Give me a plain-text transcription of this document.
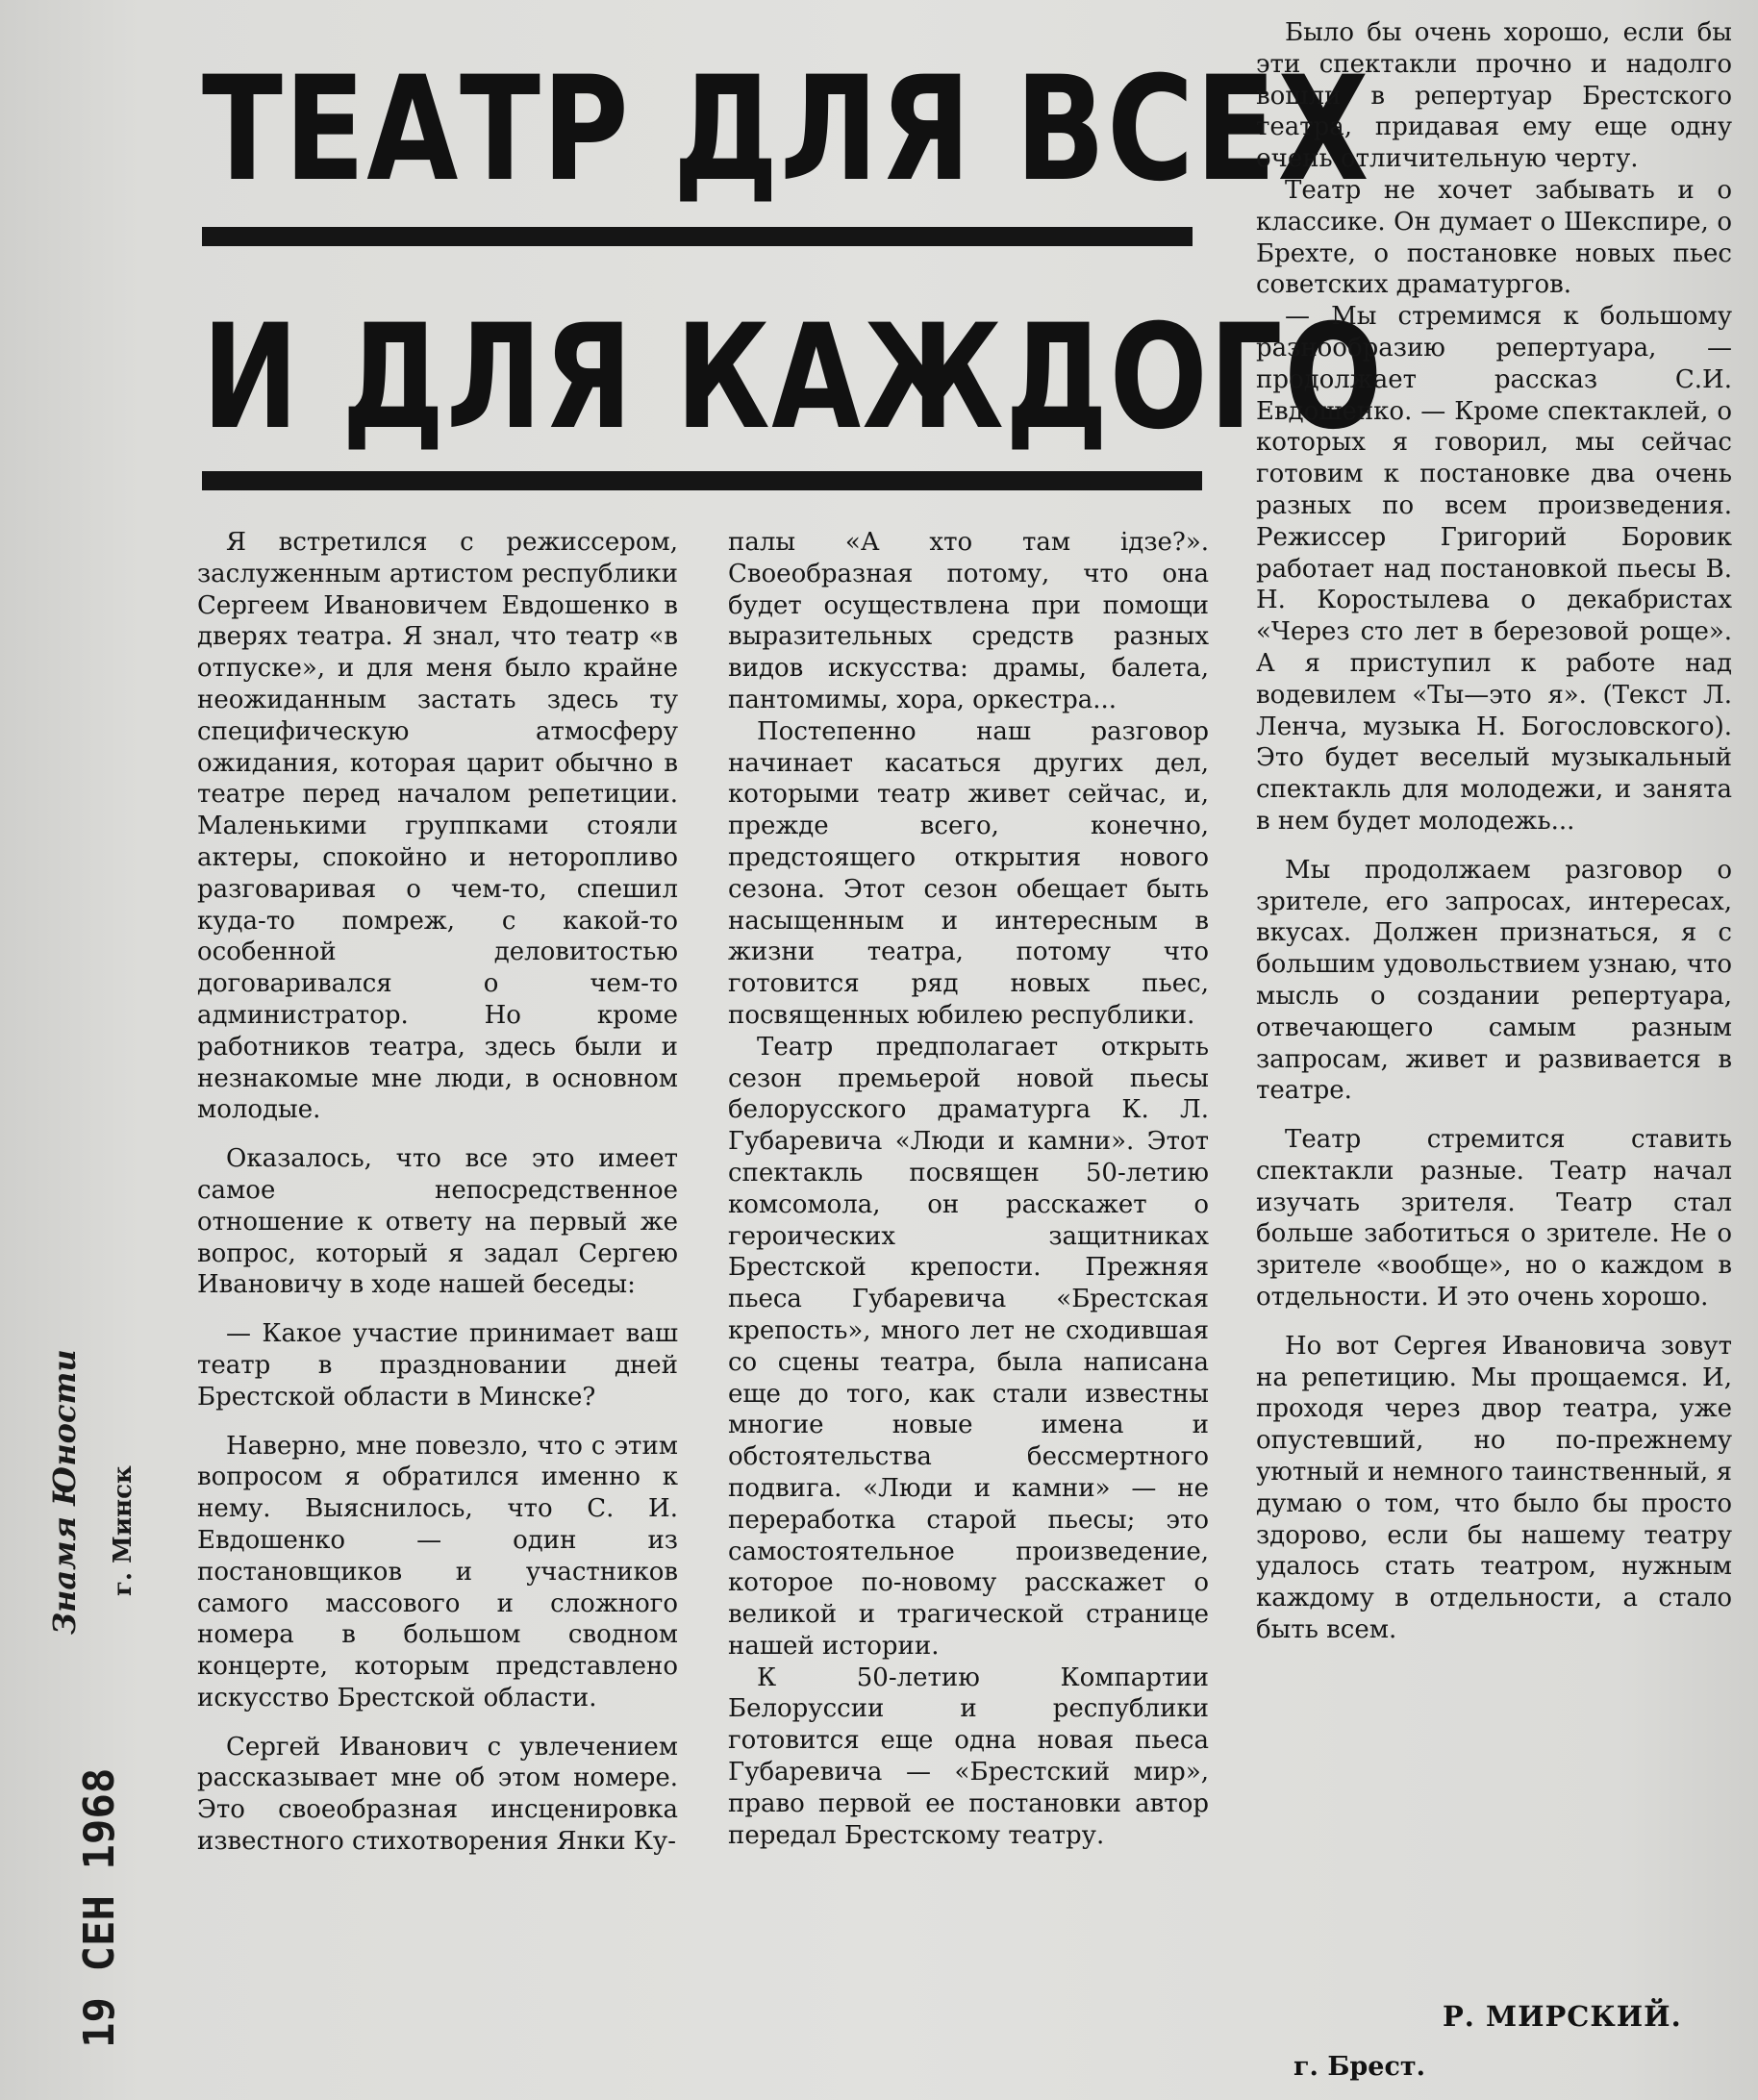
Знамя Юности г. Минск
19 СЕН 1968
ТЕАТР ДЛЯ ВСЕХ
И ДЛЯ КАЖДОГО

Я встретился с режиссером, заслуженным артистом республики Сергеем Ивановичем Евдошенко в дверях театра. Я знал, что театр «в отпуске», и для меня было крайне неожиданным застать здесь ту специфическую атмосферу ожидания, которая царит обычно в театре перед началом репетиции. Маленькими группками стояли актеры, спокойно и неторопливо разговаривая о чем-то, спешил куда-то помреж, с какой-то особенной деловитостью договаривался о чем-то администратор. Но кроме работников театра, здесь были и незнакомые мне люди, в основном молодые.

Оказалось, что все это имеет самое непосредственное отношение к ответу на первый же вопрос, который я задал Сергею Ивановичу в ходе нашей беседы:

— Какое участие принимает ваш театр в праздновании дней Брестской области в Минске?

Наверно, мне повезло, что с этим вопросом я обратился именно к нему. Выяснилось, что С. И. Евдошенко — один из постановщиков и участников самого массового и сложного номера в большом сводном концерте, которым представлено искусство Брестской области.

Сергей Иванович с увлечением рассказывает мне об этом номере. Это своеобразная инсценировка известного стихотворения Янки Ку-

палы «А хто там ідзе?». Своеобразная потому, что она будет осуществлена при помощи выразительных средств разных видов искусства: драмы, балета, пантомимы, хора, оркестра...

Постепенно наш разговор начинает касаться других дел, которыми театр живет сейчас, и, прежде всего, конечно, предстоящего открытия нового сезона. Этот сезон обещает быть насыщенным и интересным в жизни театра, потому что готовится ряд новых пьес, посвященных юбилею республики.

Театр предполагает открыть сезон премьерой новой пьесы белорусского драматурга К. Л. Губаревича «Люди и камни». Этот спектакль посвящен 50-летию комсомола, он расскажет о героических защитниках Брестской крепости. Прежняя пьеса Губаревича «Брестская крепость», много лет не сходившая со сцены театра, была написана еще до того, как стали известны многие новые имена и обстоятельства бессмертного подвига. «Люди и камни» — не переработка старой пьесы; это самостоятельное произведение, которое по-новому расскажет о великой и трагической странице нашей истории.

К 50-летию Компартии Белоруссии и республики готовится еще одна новая пьеса Губаревича — «Брестский мир», право первой ее постановки автор передал Брестскому театру.

Было бы очень хорошо, если бы эти спектакли прочно и надолго вошли в репертуар Брестского театра, придавая ему еще одну очень отличительную черту.

Театр не хочет забывать и о классике. Он думает о Шекспире, о Брехте, о постановке новых пьес советских драматургов.

— Мы стремимся к большому разнообразию репертуара, — продолжает рассказ С.И. Евдошенко. — Кроме спектаклей, о которых я говорил, мы сейчас готовим к постановке два очень разных по всем произведения. Режиссер Григорий Боровик работает над постановкой пьесы В. Н. Коростылева о декабристах «Через сто лет в березовой роще». А я приступил к работе над водевилем «Ты—это я». (Текст Л. Ленча, музыка Н. Богословского). Это будет веселый музыкальный спектакль для молодежи, и занята в нем будет молодежь...

Мы продолжаем разговор о зрителе, его запросах, интересах, вкусах. Должен признаться, я с большим удовольствием узнаю, что мысль о создании репертуара, отвечающего самым разным запросам, живет и развивается в театре.

Театр стремится ставить спектакли разные. Театр начал изучать зрителя. Театр стал больше заботиться о зрителе. Не о зрителе «вообще», но о каждом в отдельности. И это очень хорошо.

Но вот Сергея Ивановича зовут на репетицию. Мы прощаемся. И, проходя через двор театра, уже опустевший, но по-прежнему уютный и немного таинственный, я думаю о том, что было бы просто здорово, если бы нашему театру удалось стать театром, нужным каждому в отдельности, а стало быть всем.

Р. МИРСКИЙ.
г. Брест.
